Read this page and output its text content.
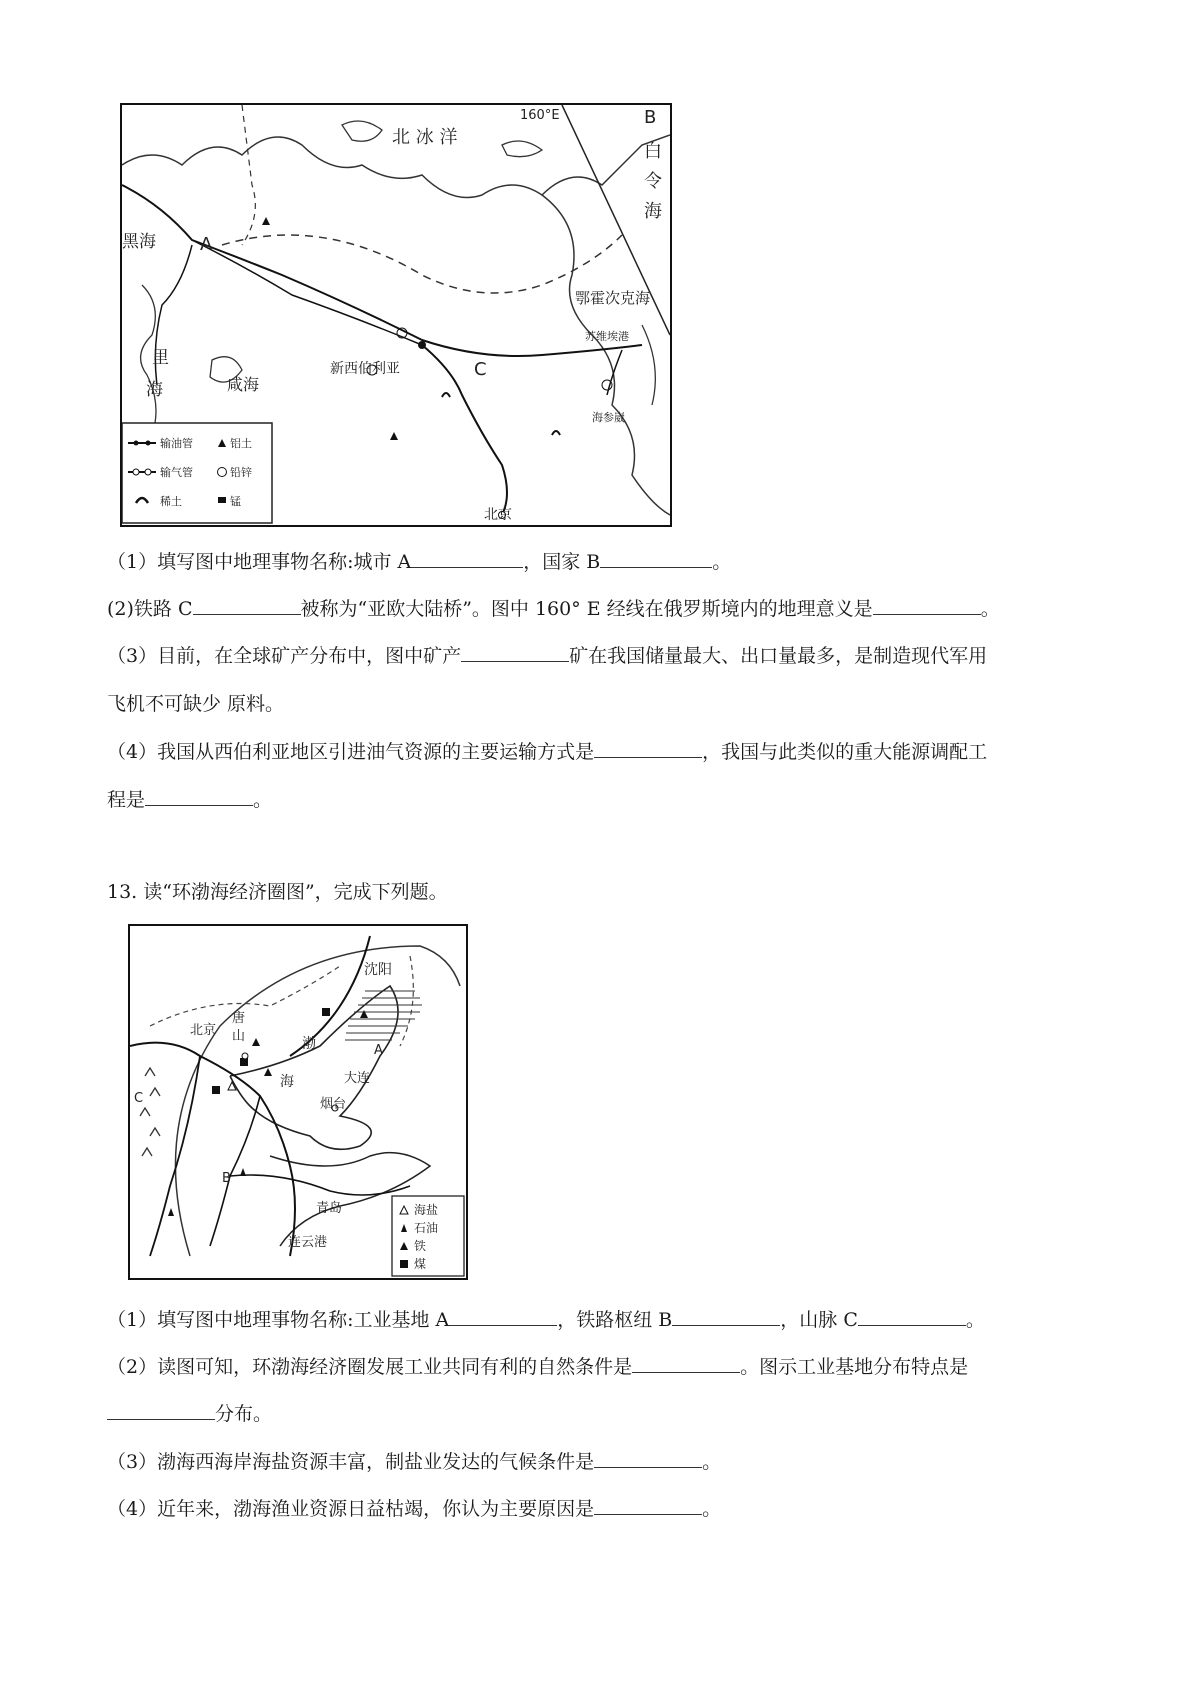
北 冰 洋
160°E	B
白
令
海
黑海 A
里
海	咸海
鄂霍次克海
苏维埃港
新西伯利亚	C
海参崴
北京
输油管	铝土
输气管	铅锌
稀土	锰
（1）填写图中地理事物名称:城市 A	，国家 B	。
(2)铁路 C	被称为“亚欧大陆桥”。图中 160° E 经线在俄罗斯境内的地理意义是	。
（3）目前，在全球矿产分布中，图中矿产	矿在我国储量最大、出口量最多，是制造现代军用
飞机不可缺少 原料。
（4）我国从西伯利亚地区引进油气资源的主要运输方式是	，我国与此类似的重大能源调配工
程是	。
13. 读“环渤海经济圈图”，完成下列题。
沈阳
北京
唐
山	渤
海
A
大连
烟台
C
B
青岛
连云港
海盐
石油
铁
煤
（1）填写图中地理事物名称:工业基地 A	，铁路枢纽 B	，山脉 C	。
（2）读图可知，环渤海经济圈发展工业共同有利的自然条件是	。图示工业基地分布特点是
分布。
（3）渤海西海岸海盐资源丰富，制盐业发达的气候条件是	。
（4）近年来，渤海渔业资源日益枯竭，你认为主要原因是	。
